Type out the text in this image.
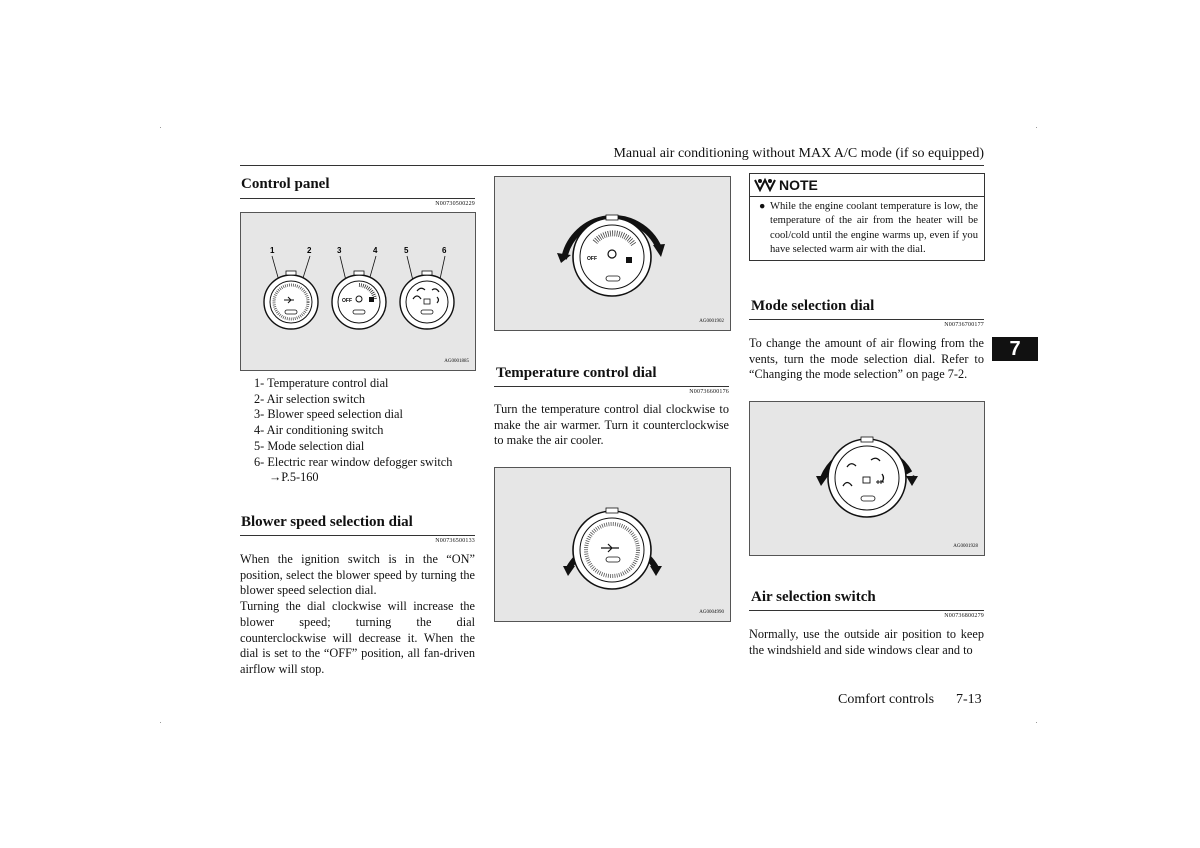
Manual air conditioning without MAX A/C mode (if so equipped)
Control panel
N00730500229
1	2	3	4	5	6
OFF
AG0001885
1- Temperature control dial
2- Air selection switch
3- Blower speed selection dial
4- Air conditioning switch
5- Mode selection dial
6- Electric rear window defogger switch
→P.5-160
Blower speed selection dial
N00736500133
When the ignition switch is in the “ON” position, select the blower speed by turning the blower speed selection dial.
Turning the dial clockwise will increase the blower speed; turning the dial counterclockwise will decrease it. When the dial is set to the “OFF” position, all fan-driven airflow will stop.
OFF
AG0001902
Temperature control dial
N00736600176
Turn the temperature control dial clockwise to make the air warmer. Turn it counterclockwise to make the air cooler.
AG0004990
NOTE
● While the engine coolant temperature is low, the temperature of the air from the heater will be cool/cold until the engine warms up, even if you have selected warm air with the dial.
Mode selection dial
N00736700177
To change the amount of air flowing from the vents, turn the mode selection dial. Refer to “Changing the mode selection” on page 7-2.
AG0001928
Air selection switch
N00736800279
Normally, use the outside air position to keep the windshield and side windows clear and to
7
Comfort controls 7-13
